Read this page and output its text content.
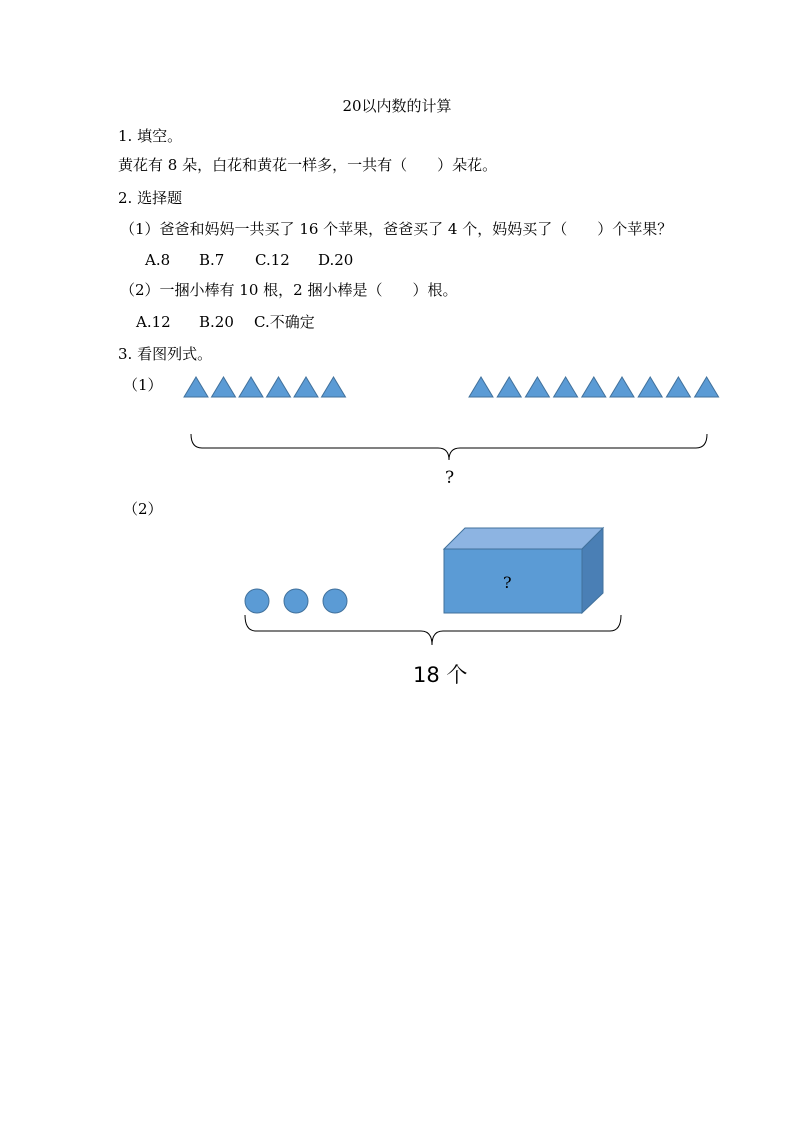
20以内数的计算
1. 填空。
黄花有 8 朵，白花和黄花一样多，一共有（　　）朵花。
2. 选择题
（1）爸爸和妈妈一共买了 16 个苹果，爸爸买了 4 个，妈妈买了（　　）个苹果？
A.8 B.7 C.12 D.20
（2）一捆小棒有 10 根，2 捆小棒是（　　）根。
A.12 B.20 C.不确定
3. 看图列式。
（1）
?
（2）
?
18 个
